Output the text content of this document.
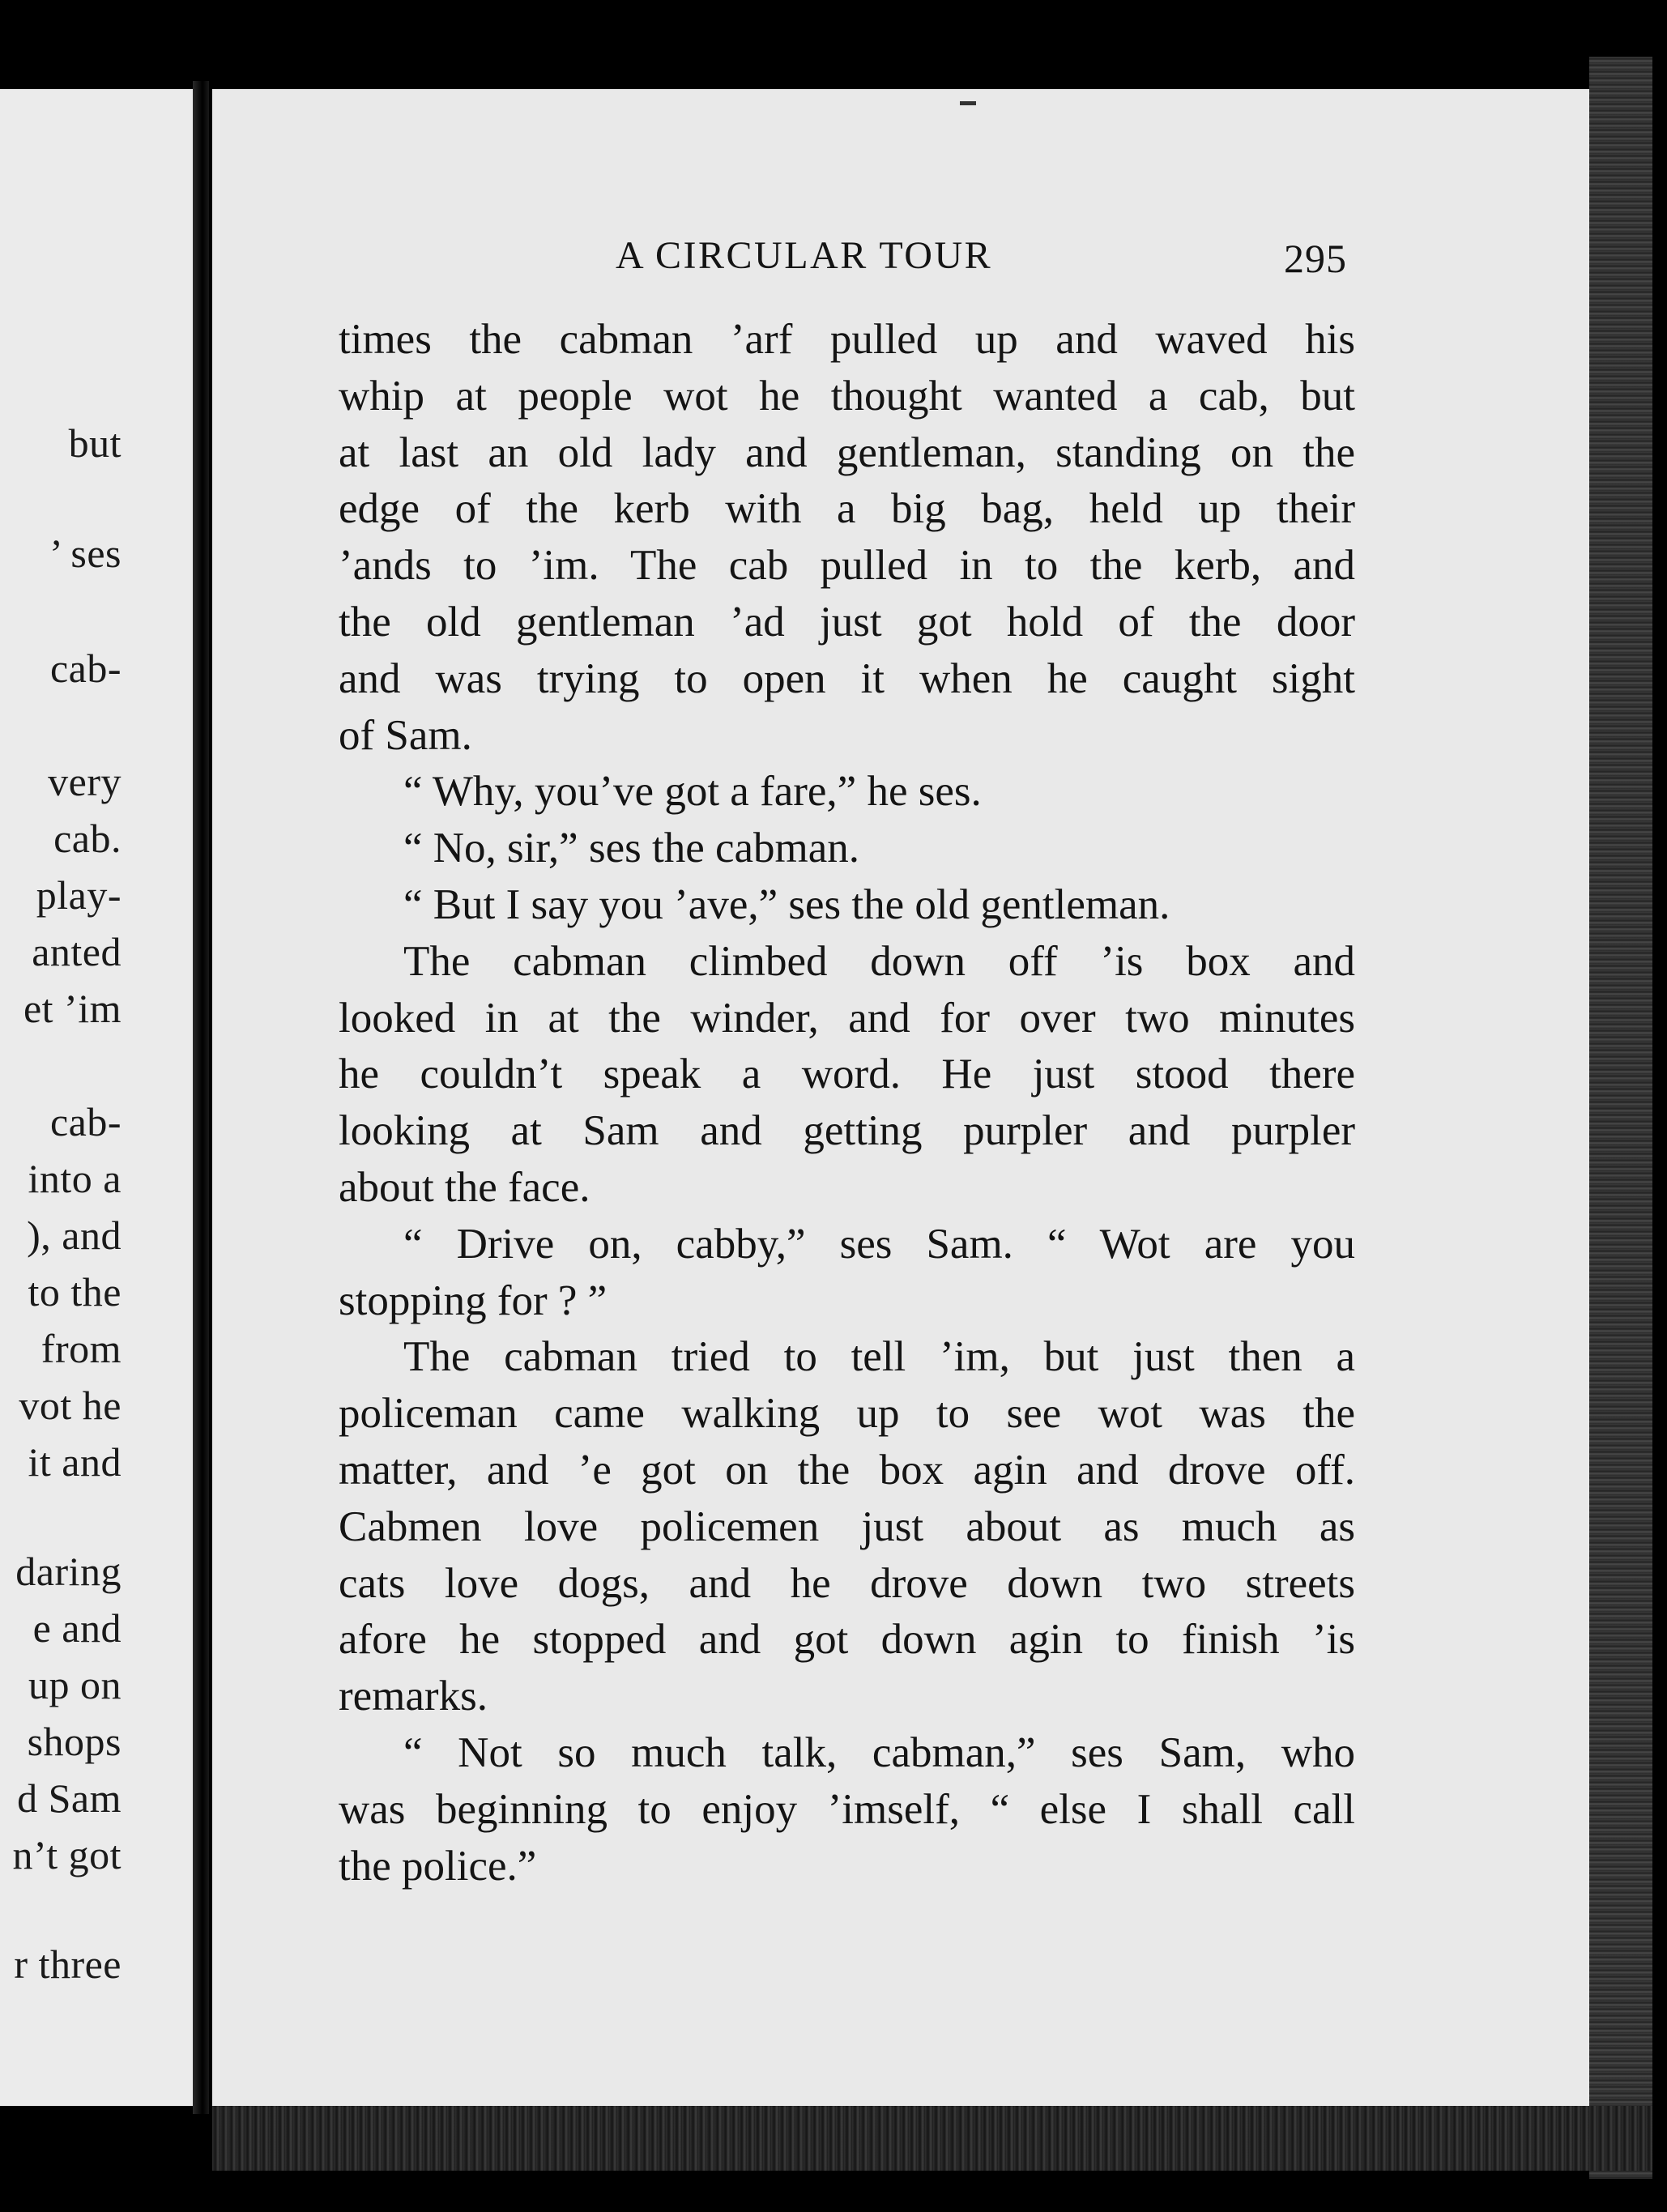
but
’ ses
cab-
very
cab.
play-
anted
et ’im
cab-
into a
), and
to the
from
vot he
it and
daring
e and
up on
shops
d Sam
n’t got
r three
A CIRCULAR TOUR	295
times the cabman ’arf pulled up and waved his
whip at people wot he thought wanted a cab, but
at last an old lady and gentleman, standing on the
edge of the kerb with a big bag, held up their
’ands to ’im. The cab pulled in to the kerb, and
the old gentleman ’ad just got hold of the door
and was trying to open it when he caught sight
of Sam.
“ Why, you’ve got a fare,” he ses.
“ No, sir,” ses the cabman.
“ But I say you ’ave,” ses the old gentleman.
The cabman climbed down off ’is box and
looked in at the winder, and for over two minutes
he couldn’t speak a word. He just stood there
looking at Sam and getting purpler and purpler
about the face.
“ Drive on, cabby,” ses Sam. “ Wot are you
stopping for ? ”
The cabman tried to tell ’im, but just then a
policeman came walking up to see wot was the
matter, and ’e got on the box agin and drove off.
Cabmen love policemen just about as much as
cats love dogs, and he drove down two streets
afore he stopped and got down agin to finish ’is
remarks.
“ Not so much talk, cabman,” ses Sam, who
was beginning to enjoy ’imself, “ else I shall call
the police.”
